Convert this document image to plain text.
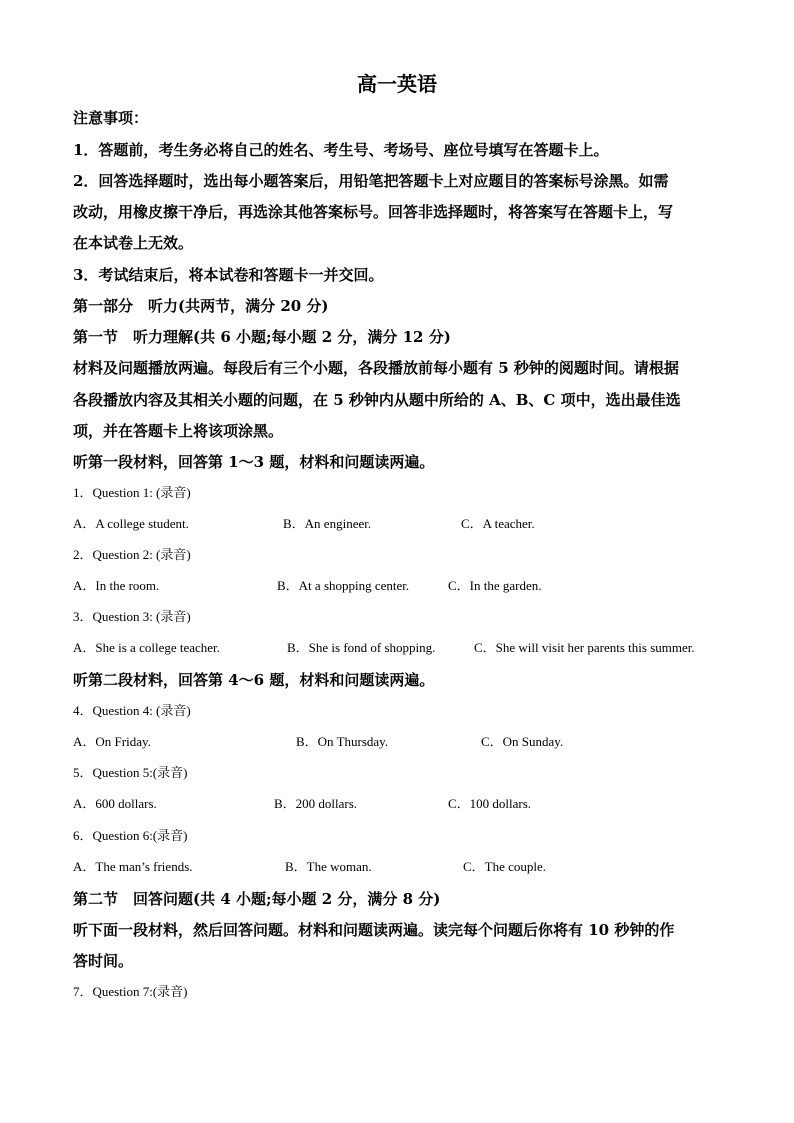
高一英语
注意事项：
1．答题前，考生务必将自己的姓名、考生号、考场号、座位号填写在答题卡上。
2．回答选择题时，选出每小题答案后，用铅笔把答题卡上对应题目的答案标号涂黑。如需
改动，用橡皮擦干净后，再选涂其他答案标号。回答非选择题时，将答案写在答题卡上，写
在本试卷上无效。
3．考试结束后，将本试卷和答题卡一并交回。
第一部分　听力(共两节，满分 20 分)
第一节　听力理解(共 6 小题;每小题 2 分，满分 12 分)
材料及问题播放两遍。每段后有三个小题，各段播放前每小题有 5 秒钟的阅题时间。请根据
各段播放内容及其相关小题的问题，在 5 秒钟内从题中所给的 A、B、C 项中，选出最佳选
项，并在答题卡上将该项涂黑。
听第一段材料，回答第 1～3 题，材料和问题读两遍。
1．Question 1: (录音)
A．A college student.	B．An engineer.	C．A teacher.
2．Question 2: (录音)
A．In the room.	B．At a shopping center.	C．In the garden.
3．Question 3: (录音)
A．She is a college teacher.	B．She is fond of shopping.	C．She will visit her parents this summer.
听第二段材料，回答第 4～6 题，材料和问题读两遍。
4．Question 4: (录音)
A．On Friday.	B．On Thursday.	C．On Sunday.
5．Question 5:(录音)
A．600 dollars.	B．200 dollars.	C．100 dollars.
6．Question 6:(录音)
A．The man’s friends.	B．The woman.	C．The couple.
第二节　回答问题(共 4 小题;每小题 2 分，满分 8 分)
听下面一段材料，然后回答问题。材料和问题读两遍。读完每个问题后你将有 10 秒钟的作
答时间。
7．Question 7:(录音)
